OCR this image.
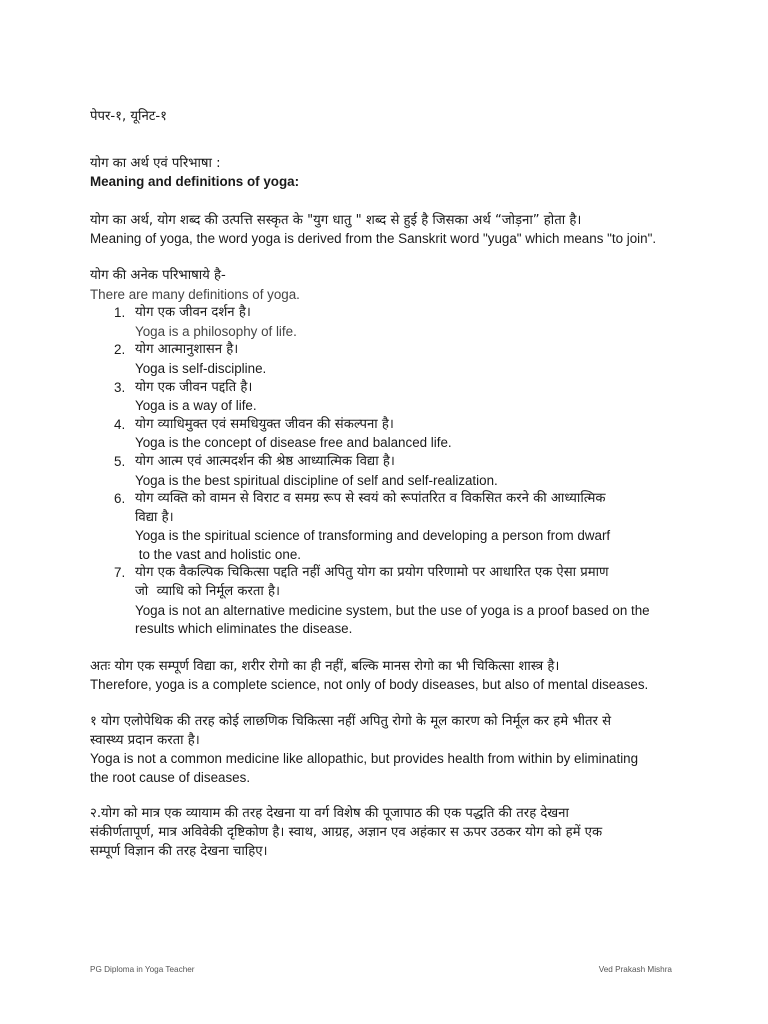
पेपर-१, यूनिट-१
योग का अर्थ एवं परिभाषा :
Meaning and definitions of yoga:
योग का अर्थ, योग शब्द की उत्पत्ति सस्कृत के "युग धातु " शब्द से हुई है जिसका अर्थ “जोड़ना” होता है।
Meaning of yoga, the word yoga is derived from the Sanskrit word "yuga" which means "to join".
योग की अनेक परिभाषाये है-
There are many definitions of yoga.
1. योग एक जीवन दर्शन है।
Yoga is a philosophy of life.
2. योग आत्मानुशासन है।
Yoga is self-discipline.
3. योग एक जीवन पद्दति है।
Yoga is a way of life.
4. योग व्याधिमुक्त एवं समधियुक्त जीवन की संकल्पना है।
Yoga is the concept of disease free and balanced life.
5. योग आत्म एवं आत्मदर्शन की श्रेष्ठ आध्यात्मिक विद्या है।
Yoga is the best spiritual discipline of self and self-realization.
6. योग व्यक्ति को वामन से विराट व समग्र रूप से स्वयं को रूपांतरित व विकसित करने की आध्यात्मिक
विद्या है।
Yoga is the spiritual science of transforming and developing a person from dwarf
to the vast and holistic one.
7. योग एक वैकल्पिक चिकित्सा पद्दति नहीं अपितु योग का प्रयोग परिणामो पर आधारित एक ऐसा प्रमाण
जो  व्याधि को निर्मूल करता है।
Yoga is not an alternative medicine system, but the use of yoga is a proof based on the
results which eliminates the disease.
अतः योग एक सम्पूर्ण विद्या का, शरीर रोगो का ही नहीं, बल्कि मानस रोगो का भी चिकित्सा शास्त्र है।
Therefore, yoga is a complete science, not only of body diseases, but also of mental diseases.
१ योग एलोपेथिक की तरह कोई लाछणिक चिकित्सा नहीं अपितु रोगो के मूल कारण को निर्मूल कर हमे भीतर से
स्वास्थ्य प्रदान करता है।
Yoga is not a common medicine like allopathic, but provides health from within by eliminating
the root cause of diseases.
२.योग को मात्र एक व्यायाम की तरह देखना या वर्ग विशेष की पूजापाठ की एक पद्धति की तरह देखना
संकीर्णतापूर्ण, मात्र अविवेकी दृष्टिकोण है। स्वाथ, आग्रह, अज्ञान एव अहंकार स ऊपर उठकर योग को हमें एक
सम्पूर्ण विज्ञान की तरह देखना चाहिए।
PG Diploma in Yoga Teacher	Ved Prakash Mishra
